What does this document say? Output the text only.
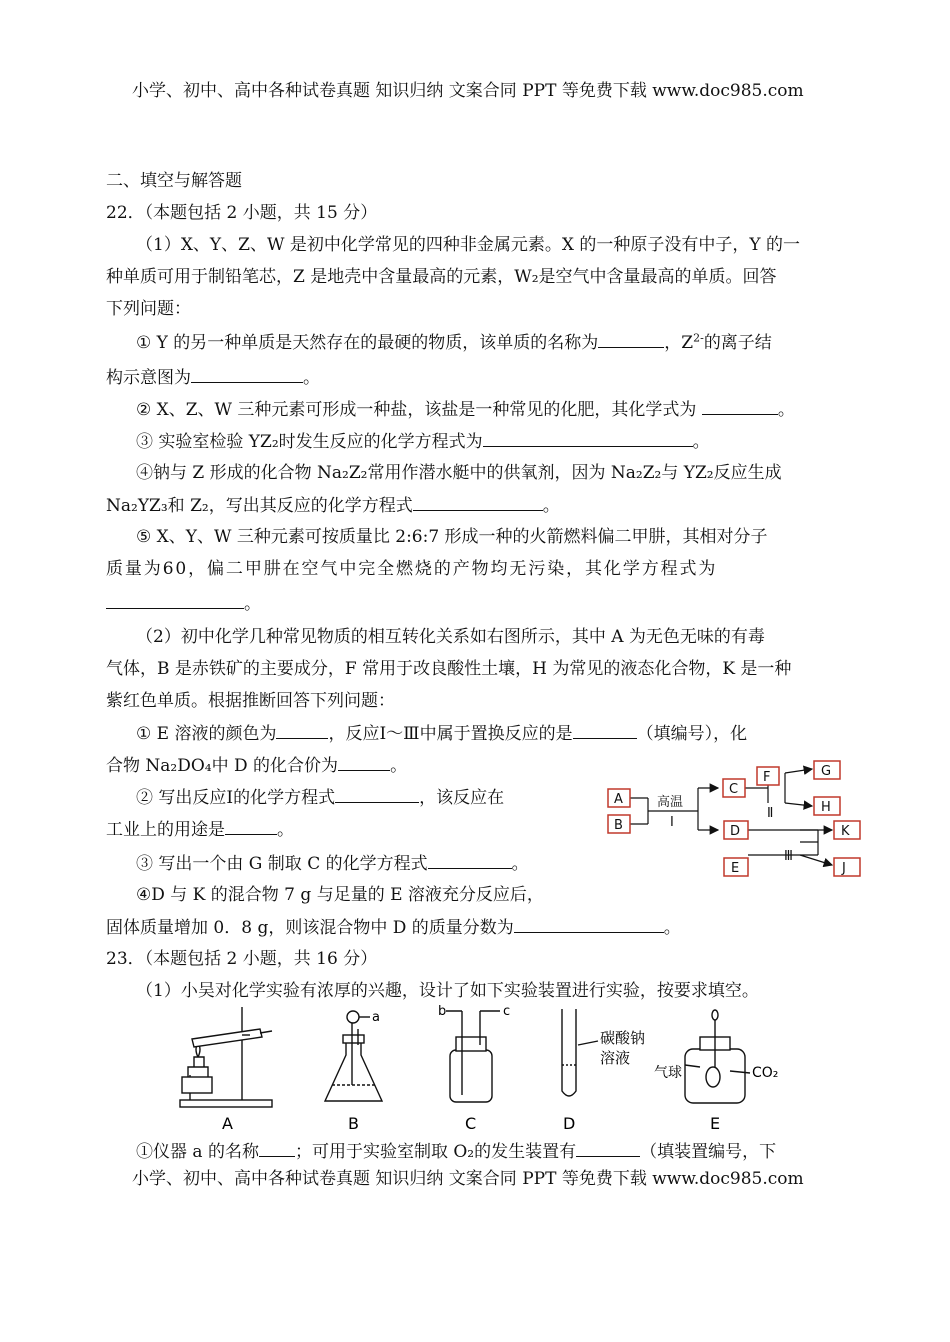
小学、初中、高中各种试卷真题 知识归纳 文案合同 PPT 等免费下载 www.doc985.com
二、填空与解答题
22．（本题包括 2 小题，共 15 分）
（1）X、Y、Z、W 是初中化学常见的四种非金属元素。X 的一种原子没有中子，Y 的一
种单质可用于制铅笔芯，Z 是地壳中含量最高的元素，W₂是空气中含量最高的单质。回答
下列问题：
① Y 的另一种单质是天然存在的最硬的物质，该单质的名称为	，$Z^{2-}$的离子结
构示意图为	。
② X、Z、W 三种元素可形成一种盐，该盐是一种常见的化肥，其化学式为	。
③ 实验室检验 YZ₂时发生反应的化学方程式为	。
④钠与 Z 形成的化合物 Na₂Z₂常用作潜水艇中的供氧剂，因为 Na₂Z₂与 YZ₂反应生成
Na₂YZ₃和 Z₂，写出其反应的化学方程式	。
⑤ X、Y、W 三种元素可按质量比 2:6:7 形成一种的火箭燃料偏二甲肼，其相对分子
质量为60，偏二甲肼在空气中完全燃烧的产物均无污染，其化学方程式为
。
（2）初中化学几种常见物质的相互转化关系如右图所示，其中 A 为无色无味的有毒
气体，B 是赤铁矿的主要成分，F 常用于改良酸性土壤，H 为常见的液态化合物，K 是一种
紫红色单质。根据推断回答下列问题：
① E 溶液的颜色为	，反应Ⅰ～Ⅲ中属于置换反应的是	（填编号），化
合物 Na₂DO₄中 D 的化合价为	。
② 写出反应Ⅰ的化学方程式	，该反应在
工业上的用途是	。
③ 写出一个由 G 制取 C 的化学方程式	。
④D 与 K 的混合物 7 g 与足量的 E 溶液充分反应后，
固体质量增加 0．8 g，则该混合物中 D 的质量分数为	。
A
B
C
D
E
F	G
H
J
K
高温
Ⅰ
Ⅱ
Ⅲ
23．（本题包括 2 小题，共 16 分）
（1）小吴对化学实验有浓厚的兴趣，设计了如下实验装置进行实验，按要求填空。
a	b	c
碳酸钠
溶液
气球	CO₂
A	B	C	D	E
①仪器 a 的名称 ；可用于实验室制取 O₂的发生装置有	（填装置编号，下
小学、初中、高中各种试卷真题 知识归纳 文案合同 PPT 等免费下载 www.doc985.com
